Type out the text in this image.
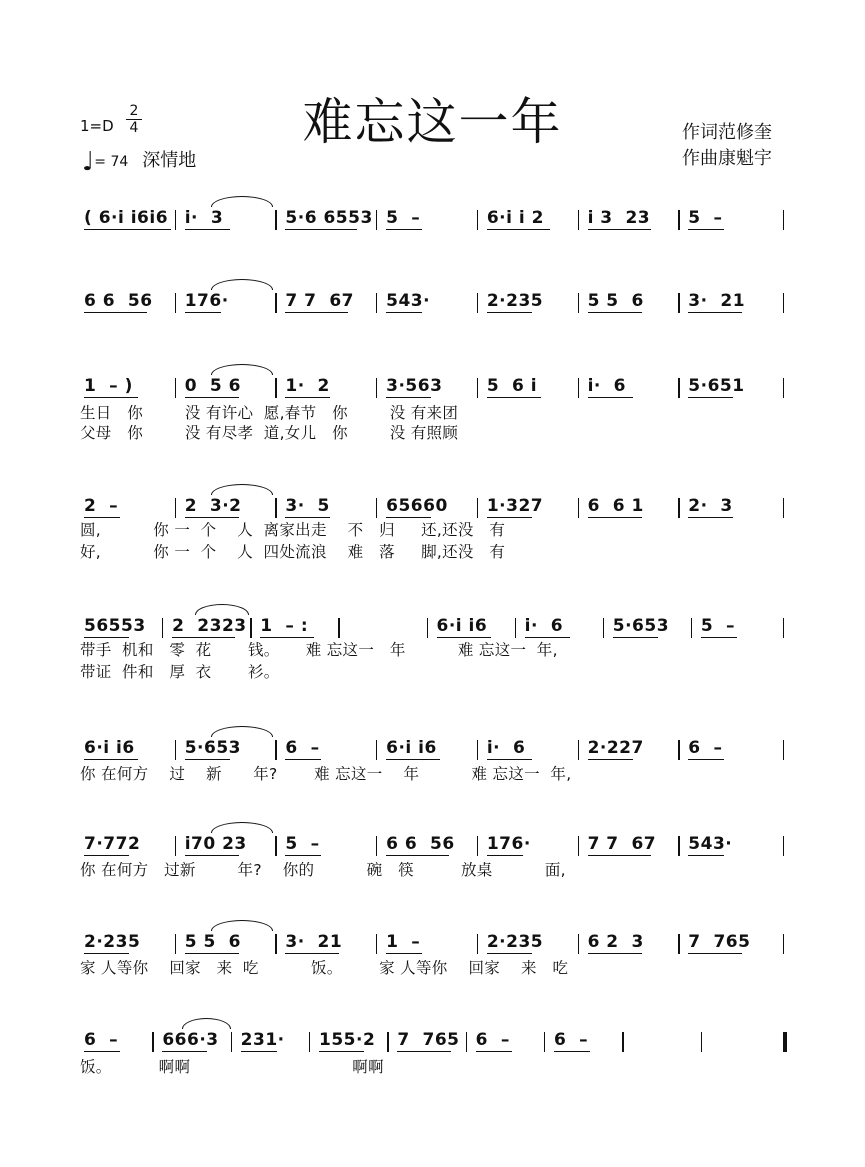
难忘这一年
1=D
2
4
♩= 74 深情地
作词范修奎
作曲康魁宇
( 6·i i6i6 i·  3	5·6 6553 5  –	6·i i 2	i 3  23 5  –
6 6  56 176·	7 7  67 543·	2·235	5 5  6	3·  21
1  – )	0  5 6	1·  2	3·563	5  6 i	i·  6	5·651
生日   你        没 有许心  愿,春节   你        没 有来团
父母   你        没 有尽孝  道,女儿   你        没 有照顾
2  –	2  3·2	3·  5	65660 1·327	6  6 1	2·  3
圆,          你 一  个    人  离家出走    不   归     还,还没   有
好,          你 一  个    人  四处流浪    难   落     脚,还没   有
56553 2  2323 1  – :	6·i i6 i·  6	5·653 5  –
带手  机和   零  花       钱。     难 忘这一   年          难 忘这一  年,
带证  件和   厚  衣       衫。
6·i i6	5·653	6  –	6·i i6	i·  6	2·227	6  –
你 在何方    过    新      年?       难 忘这一    年          难 忘这一  年,
7·772	i70 23 5  –	6 6  56 176·	7 7  67 543·
你 在何方   过新        年?    你的          碗   筷         放桌          面,
2·235	5 5  6	3·  21	1  –	2·235	6 2  3	7  765
家 人等你    回家   来  吃          饭。       家 人等你    回家    来   吃
6  –	666·3 231· 155·2 7  765 6  –	6  –
饭。         啊啊                               啊啊
